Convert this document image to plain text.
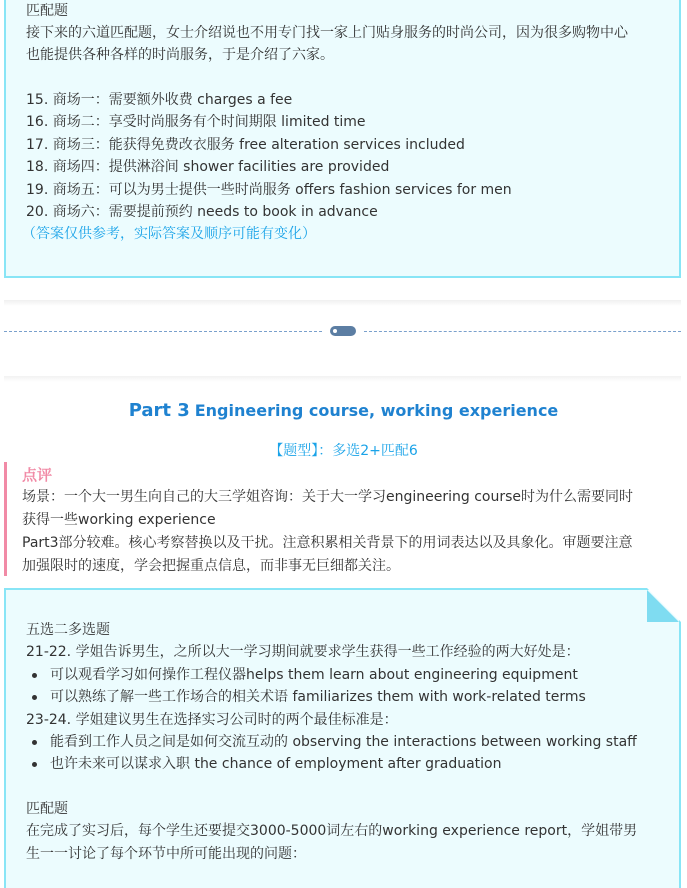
匹配题
接下来的六道匹配题，女士介绍说也不用专门找一家上门贴身服务的时尚公司，因为很多购物中心
也能提供各种各样的时尚服务，于是介绍了六家。
15. 商场一：需要额外收费 charges a fee
16. 商场二：享受时尚服务有个时间期限 limited time
17. 商场三：能获得免费改衣服务 free alteration services included
18. 商场四：提供淋浴间 shower facilities are provided
19. 商场五：可以为男士提供一些时尚服务 offers fashion services for men
20. 商场六：需要提前预约 needs to book in advance
（答案仅供参考，实际答案及顺序可能有变化）
Part 3 Engineering course, working experience
【题型】：多选2+匹配6
点评
场景：一个大一男生向自己的大三学姐咨询：关于大一学习engineering course时为什么需要同时
获得一些working experience
Part3部分较难。核心考察替换以及干扰。注意积累相关背景下的用词表达以及具象化。审题要注意
加强限时的速度，学会把握重点信息，而非事无巨细都关注。
五选二多选题
21-22. 学姐告诉男生，之所以大一学习期间就要求学生获得一些工作经验的两大好处是：
可以观看学习如何操作工程仪器helps them learn about engineering equipment
可以熟练了解一些工作场合的相关术语 familiarizes them with work-related terms
23-24. 学姐建议男生在选择实习公司时的两个最佳标准是：
能看到工作人员之间是如何交流互动的 observing the interactions between working staff
也许未来可以谋求入职 the chance of employment after graduation
匹配题
在完成了实习后，每个学生还要提交3000-5000词左右的working experience report，学姐带男
生一一讨论了每个环节中所可能出现的问题：
